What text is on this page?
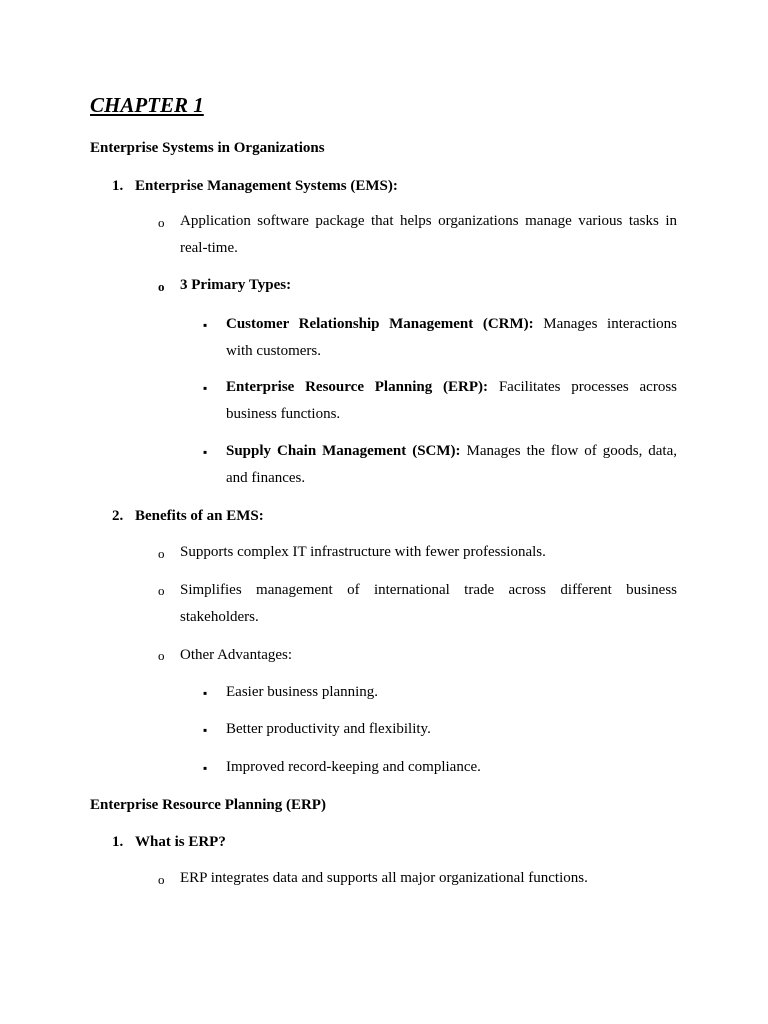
CHAPTER 1
Enterprise Systems in Organizations
1. Enterprise Management Systems (EMS):
o Application software package that helps organizations manage various tasks in real-time.
o 3 Primary Types:
▪ Customer Relationship Management (CRM): Manages interactions with customers.
▪ Enterprise Resource Planning (ERP): Facilitates processes across business functions.
▪ Supply Chain Management (SCM): Manages the flow of goods, data, and finances.
2. Benefits of an EMS:
o Supports complex IT infrastructure with fewer professionals.
o Simplifies management of international trade across different business stakeholders.
o Other Advantages:
▪ Easier business planning.
▪ Better productivity and flexibility.
▪ Improved record-keeping and compliance.
Enterprise Resource Planning (ERP)
1. What is ERP?
o ERP integrates data and supports all major organizational functions.
